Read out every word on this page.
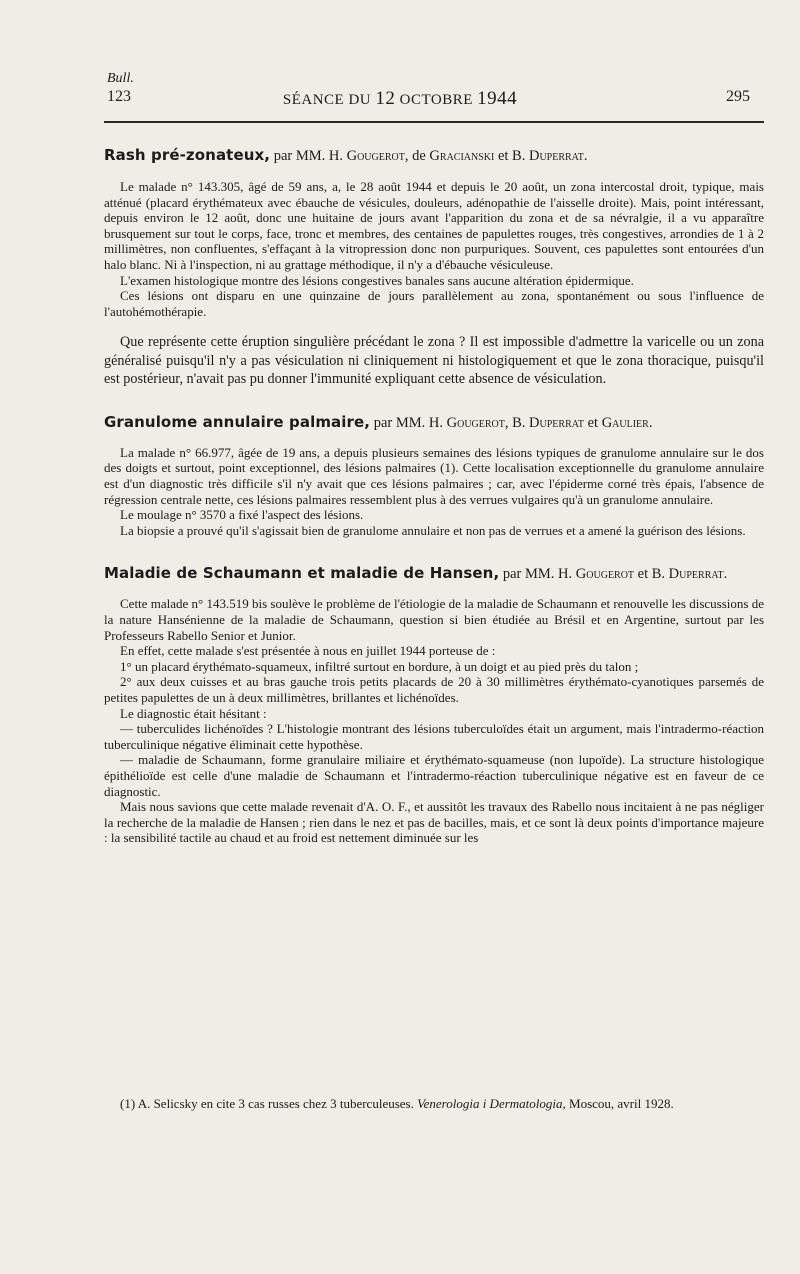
Bull.
123	SÉANCE DU 12 OCTOBRE 1944	295

Rash pré-zonateux, par MM. H. Gougerot, de Gracianski et B. Duperrat.

Le malade n° 143.305, âgé de 59 ans, a, le 28 août 1944 et depuis le 20 août, un zona intercostal droit, typique, mais atténué (placard érythémateux avec ébauche de vésicules, douleurs, adénopathie de l'aisselle droite). Mais, point intéressant, depuis environ le 12 août, donc une huitaine de jours avant l'apparition du zona et de sa névralgie, il a vu apparaître brusquement sur tout le corps, face, tronc et membres, des centaines de papulettes rouges, très congestives, arrondies de 1 à 2 millimètres, non confluentes, s'effaçant à la vitropression donc non purpuriques. Souvent, ces papulettes sont entourées d'un halo blanc. Ni à l'inspection, ni au grattage méthodique, il n'y a d'ébauche vésiculeuse.

L'examen histologique montre des lésions congestives banales sans aucune altération épidermique.

Ces lésions ont disparu en une quinzaine de jours parallèlement au zona, spontanément ou sous l'influence de l'autohémothérapie.

Que représente cette éruption singulière précédant le zona ? Il est impossible d'admettre la varicelle ou un zona généralisé puisqu'il n'y a pas vésiculation ni cliniquement ni histologiquement et que le zona thoracique, puisqu'il est postérieur, n'avait pas pu donner l'immunité expliquant cette absence de vésiculation.

Granulome annulaire palmaire, par MM. H. Gougerot, B. Duperrat et Gaulier.

La malade n° 66.977, âgée de 19 ans, a depuis plusieurs semaines des lésions typiques de granulome annulaire sur le dos des doigts et surtout, point exceptionnel, des lésions palmaires (1). Cette localisation exceptionnelle du granulome annulaire est d'un diagnostic très difficile s'il n'y avait que ces lésions palmaires ; car, avec l'épiderme corné très épais, l'absence de régression centrale nette, ces lésions palmaires ressemblent plus à des verrues vulgaires qu'à un granulome annulaire.

Le moulage n° 3570 a fixé l'aspect des lésions.

La biopsie a prouvé qu'il s'agissait bien de granulome annulaire et non pas de verrues et a amené la guérison des lésions.

Maladie de Schaumann et maladie de Hansen, par MM. H. Gougerot et B. Duperrat.

Cette malade n° 143.519 bis soulève le problème de l'étiologie de la maladie de Schaumann et renouvelle les discussions de la nature Hansénienne de la maladie de Schaumann, question si bien étudiée au Brésil et en Argentine, surtout par les Professeurs Rabello Senior et Junior.

En effet, cette malade s'est présentée à nous en juillet 1944 porteuse de :

1° un placard érythémato-squameux, infiltré surtout en bordure, à un doigt et au pied près du talon ;

2° aux deux cuisses et au bras gauche trois petits placards de 20 à 30 millimètres érythémato-cyanotiques parsemés de petites papulettes de un à deux millimètres, brillantes et lichénoïdes.

Le diagnostic était hésitant :

— tuberculides lichénoïdes ? L'histologie montrant des lésions tuberculoïdes était un argument, mais l'intradermo-réaction tuberculinique négative éliminait cette hypothèse.

— maladie de Schaumann, forme granulaire miliaire et érythémato-squameuse (non lupoïde). La structure histologique épithélioïde est celle d'une maladie de Schaumann et l'intradermo-réaction tuberculinique négative est en faveur de ce diagnostic.

Mais nous savions que cette malade revenait d'A. O. F., et aussitôt les travaux des Rabello nous incitaient à ne pas négliger la recherche de la maladie de Hansen ; rien dans le nez et pas de bacilles, mais, et ce sont là deux points d'importance majeure : la sensibilité tactile au chaud et au froid est nettement diminuée sur les

(1) A. Selicsky en cite 3 cas russes chez 3 tuberculeuses. Venerologia i Dermatologia, Moscou, avril 1928.
